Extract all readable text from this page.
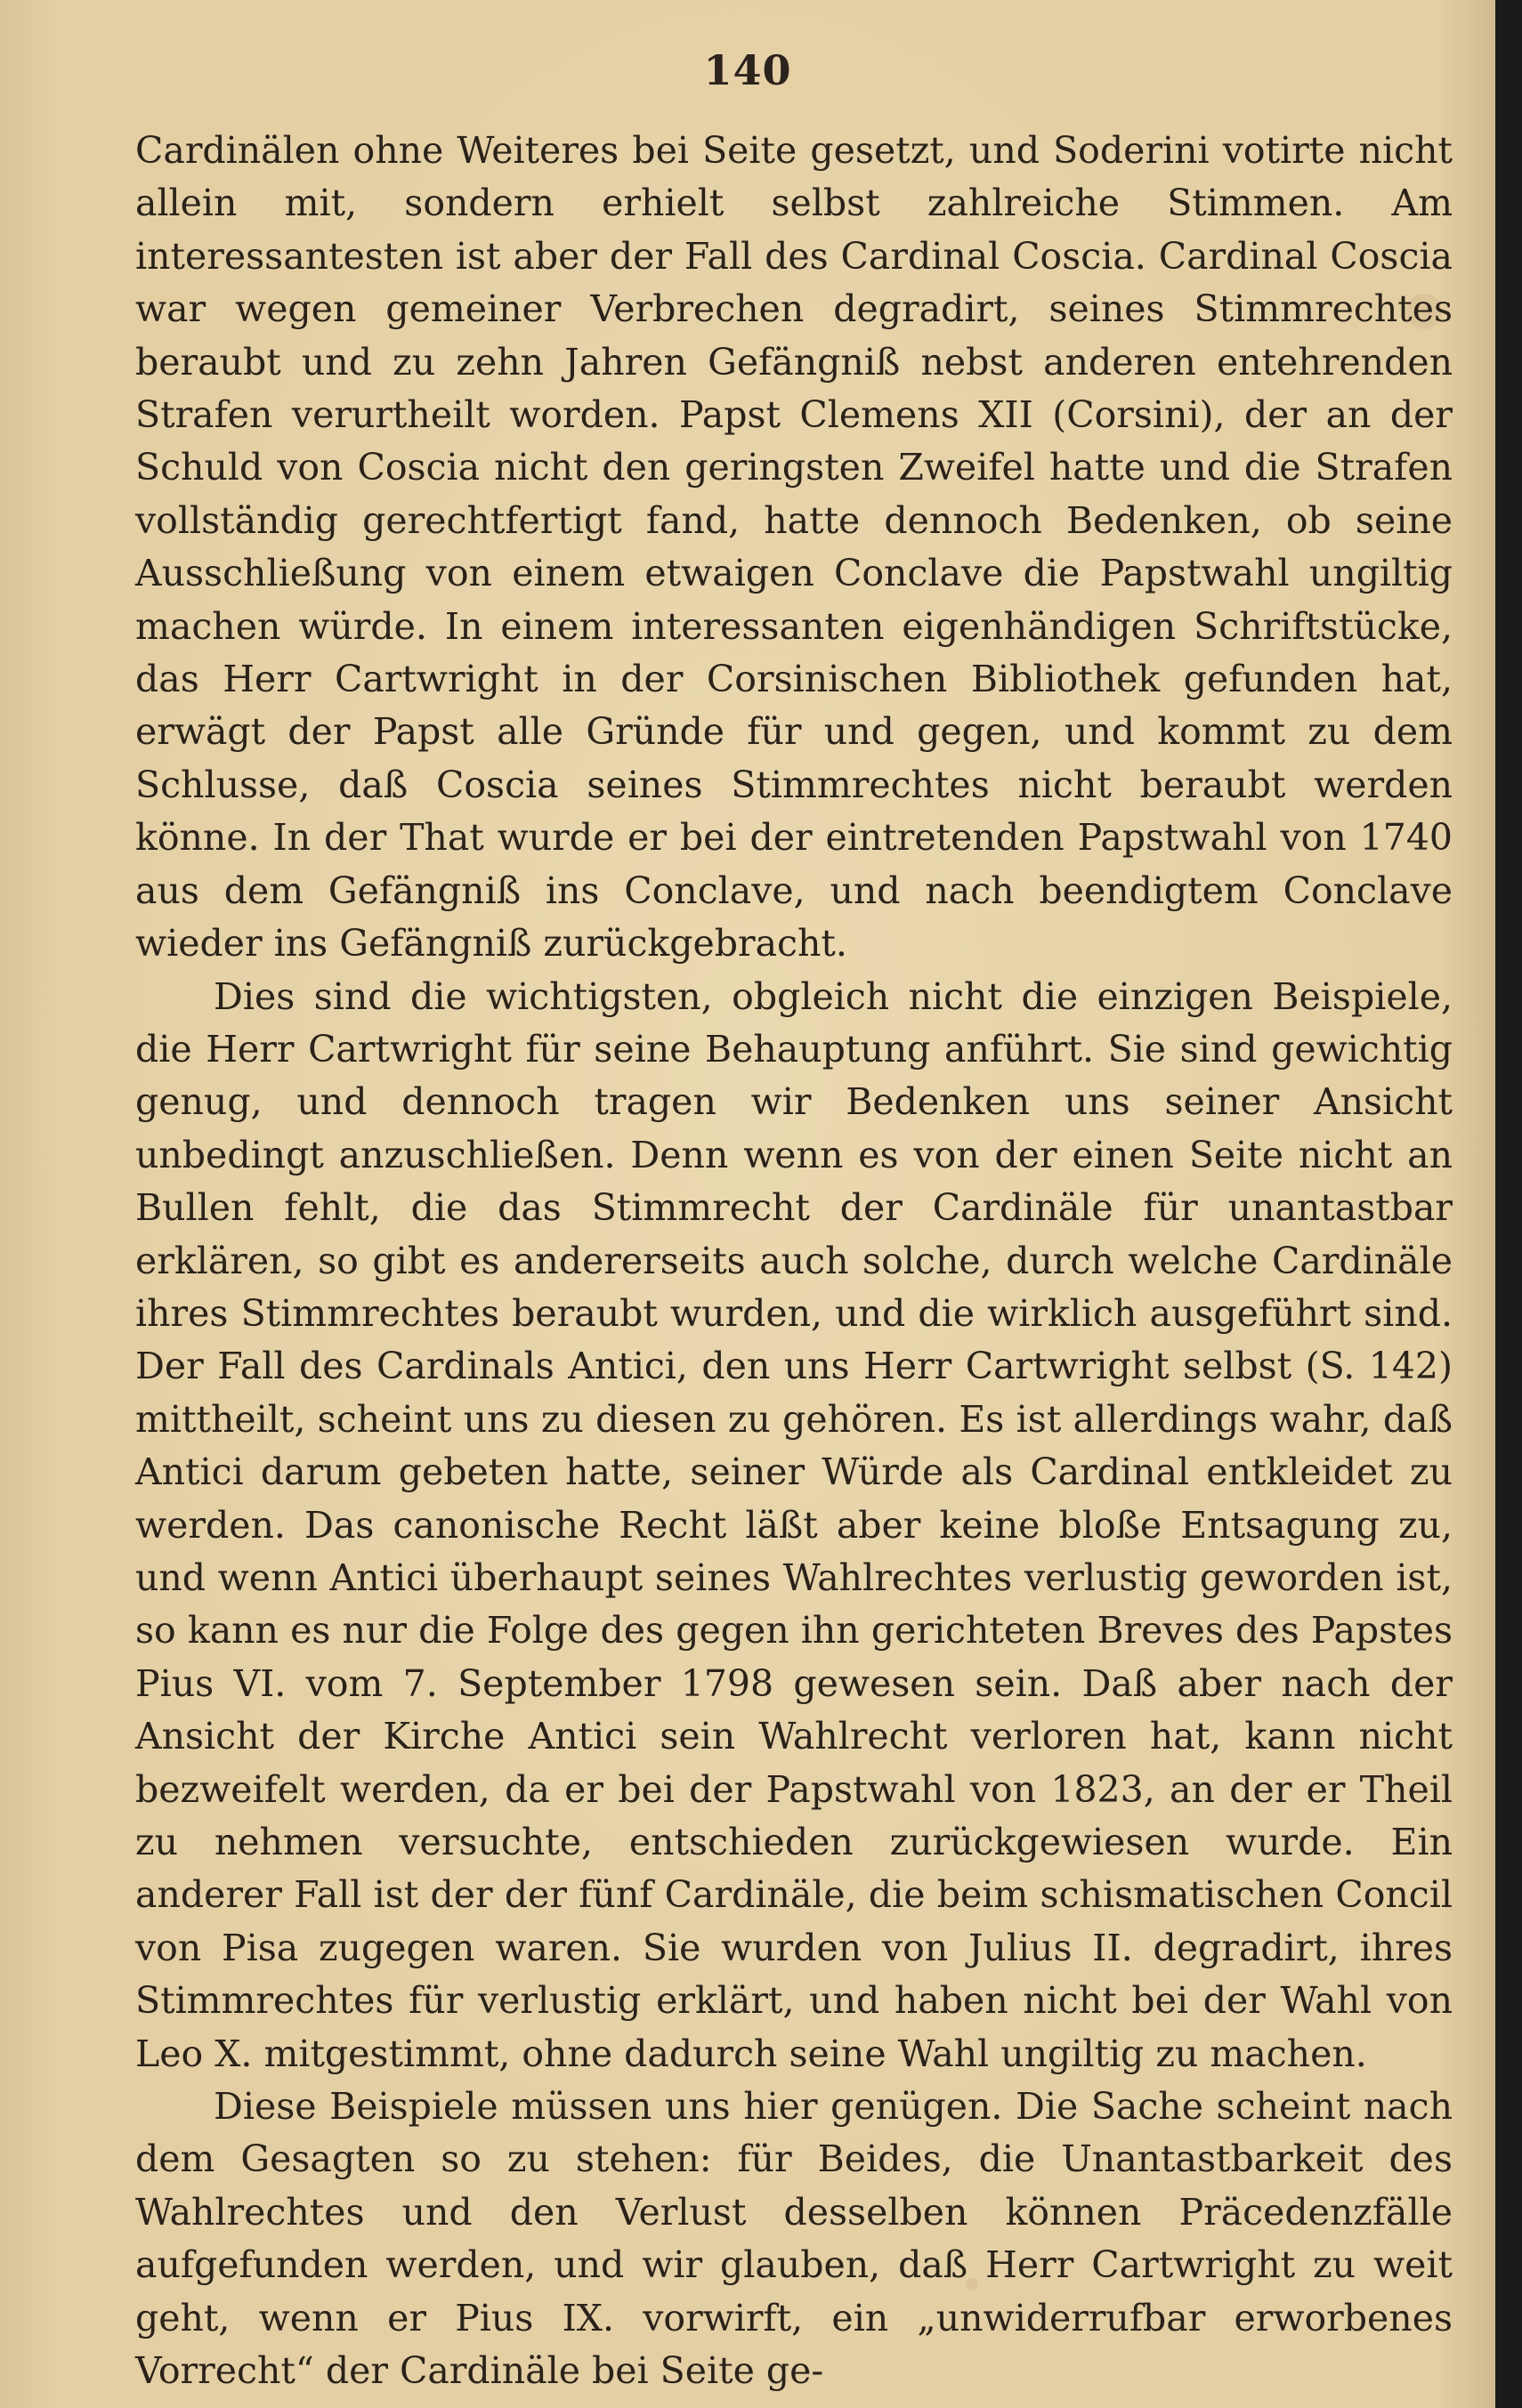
140

Cardinälen ohne Weiteres bei Seite gesetzt, und Soderini votirte nicht allein mit, sondern erhielt selbst zahlreiche Stimmen. Am interessantesten ist aber der Fall des Cardinal Coscia. Cardinal Coscia war wegen gemeiner Verbrechen degradirt, seines Stimmrechtes beraubt und zu zehn Jahren Gefängniß nebst anderen entehrenden Strafen verurtheilt worden. Papst Clemens XII (Corsini), der an der Schuld von Coscia nicht den geringsten Zweifel hatte und die Strafen vollständig gerechtfertigt fand, hatte dennoch Bedenken, ob seine Ausschließung von einem etwaigen Conclave die Papstwahl ungiltig machen würde. In einem interessanten eigenhändigen Schriftstücke, das Herr Cartwright in der Corsinischen Bibliothek gefunden hat, erwägt der Papst alle Gründe für und gegen, und kommt zu dem Schlusse, daß Coscia seines Stimmrechtes nicht beraubt werden könne. In der That wurde er bei der eintretenden Papstwahl von 1740 aus dem Gefängniß ins Conclave, und nach beendigtem Conclave wieder ins Gefängniß zurückgebracht.

Dies sind die wichtigsten, obgleich nicht die einzigen Beispiele, die Herr Cartwright für seine Behauptung anführt. Sie sind gewichtig genug, und dennoch tragen wir Bedenken uns seiner Ansicht unbedingt anzuschließen. Denn wenn es von der einen Seite nicht an Bullen fehlt, die das Stimmrecht der Cardinäle für unantastbar erklären, so gibt es andererseits auch solche, durch welche Cardinäle ihres Stimmrechtes beraubt wurden, und die wirklich ausgeführt sind. Der Fall des Cardinals Antici, den uns Herr Cartwright selbst (S. 142) mittheilt, scheint uns zu diesen zu gehören. Es ist allerdings wahr, daß Antici darum gebeten hatte, seiner Würde als Cardinal entkleidet zu werden. Das canonische Recht läßt aber keine bloße Entsagung zu, und wenn Antici überhaupt seines Wahlrechtes verlustig geworden ist, so kann es nur die Folge des gegen ihn gerichteten Breves des Papstes Pius VI. vom 7. September 1798 gewesen sein. Daß aber nach der Ansicht der Kirche Antici sein Wahlrecht verloren hat, kann nicht bezweifelt werden, da er bei der Papstwahl von 1823, an der er Theil zu nehmen versuchte, entschieden zurückgewiesen wurde. Ein anderer Fall ist der der fünf Cardinäle, die beim schismatischen Concil von Pisa zugegen waren. Sie wurden von Julius II. degradirt, ihres Stimmrechtes für verlustig erklärt, und haben nicht bei der Wahl von Leo X. mitgestimmt, ohne dadurch seine Wahl ungiltig zu machen.

Diese Beispiele müssen uns hier genügen. Die Sache scheint nach dem Gesagten so zu stehen: für Beides, die Unantastbarkeit des Wahlrechtes und den Verlust desselben können Präcedenzfälle aufgefunden werden, und wir glauben, daß Herr Cartwright zu weit geht, wenn er Pius IX. vorwirft, ein „unwiderrufbar erworbenes Vorrecht“ der Cardinäle bei Seite ge-
